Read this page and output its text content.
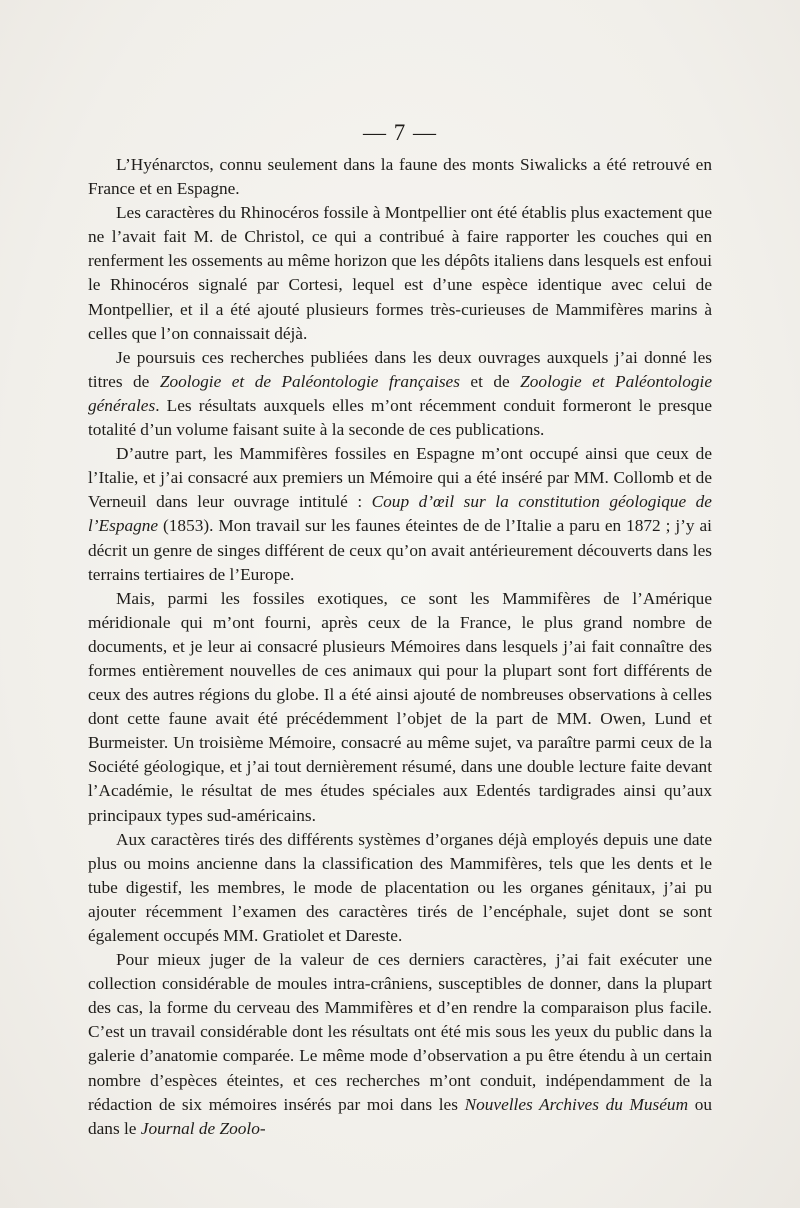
— 7 —

L’Hyénarctos, connu seulement dans la faune des monts Siwalicks a été retrouvé en France et en Espagne.

Les caractères du Rhinocéros fossile à Montpellier ont été établis plus exactement que ne l’avait fait M. de Christol, ce qui a contribué à faire rapporter les couches qui en renferment les ossements au même horizon que les dépôts italiens dans lesquels est enfoui le Rhinocéros signalé par Cortesi, lequel est d’une espèce identique avec celui de Montpellier, et il a été ajouté plusieurs formes très-curieuses de Mammifères marins à celles que l’on connaissait déjà.

Je poursuis ces recherches publiées dans les deux ouvrages auxquels j’ai donné les titres de Zoologie et de Paléontologie françaises et de Zoologie et Paléontologie générales. Les résultats auxquels elles m’ont récemment conduit formeront le presque totalité d’un volume faisant suite à la seconde de ces publications.

D’autre part, les Mammifères fossiles en Espagne m’ont occupé ainsi que ceux de l’Italie, et j’ai consacré aux premiers un Mémoire qui a été inséré par MM. Collomb et de Verneuil dans leur ouvrage intitulé : Coup d’œil sur la constitution géologique de l’Espagne (1853). Mon travail sur les faunes éteintes de de l’Italie a paru en 1872 ; j’y ai décrit un genre de singes différent de ceux qu’on avait antérieurement découverts dans les terrains tertiaires de l’Europe.

Mais, parmi les fossiles exotiques, ce sont les Mammifères de l’Amérique méridionale qui m’ont fourni, après ceux de la France, le plus grand nombre de documents, et je leur ai consacré plusieurs Mémoires dans lesquels j’ai fait connaître des formes entièrement nouvelles de ces animaux qui pour la plupart sont fort différents de ceux des autres régions du globe. Il a été ainsi ajouté de nombreuses observations à celles dont cette faune avait été précédemment l’objet de la part de MM. Owen, Lund et Burmeister. Un troisième Mémoire, consacré au même sujet, va paraître parmi ceux de la Société géologique, et j’ai tout dernièrement résumé, dans une double lecture faite devant l’Académie, le résultat de mes études spéciales aux Edentés tardigrades ainsi qu’aux principaux types sud-américains.

Aux caractères tirés des différents systèmes d’organes déjà employés depuis une date plus ou moins ancienne dans la classification des Mammifères, tels que les dents et le tube digestif, les membres, le mode de placentation ou les organes génitaux, j’ai pu ajouter récemment l’examen des caractères tirés de l’encéphale, sujet dont se sont également occupés MM. Gratiolet et Dareste.

Pour mieux juger de la valeur de ces derniers caractères, j’ai fait exécuter une collection considérable de moules intra-crâniens, susceptibles de donner, dans la plupart des cas, la forme du cerveau des Mammifères et d’en rendre la comparaison plus facile. C’est un travail considérable dont les résultats ont été mis sous les yeux du public dans la galerie d’anatomie comparée. Le même mode d’observation a pu être étendu à un certain nombre d’espèces éteintes, et ces recherches m’ont conduit, indépendamment de la rédaction de six mémoires insérés par moi dans les Nouvelles Archives du Muséum ou dans le Journal de Zoolo-
